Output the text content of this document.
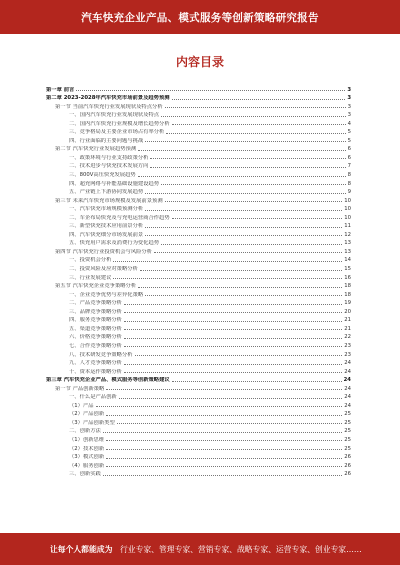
汽车快充企业产品、模式服务等创新策略研究报告
内容目录
第一章 前言	3
第二章 2023-2028年汽车快充市场前景及趋势预测	3
第一节 当前汽车快充行业发展现状及特点分析	3
一、国内汽车快充行业发展现状及特点	3
二、国内汽车快充行业规模及增长趋势分析	4
三、竞争格局及主要企业市场占有率分析	5
四、行业面临的主要问题与挑战	5
第二节 汽车快充行业发展趋势预测	6
一、政策环境与行业支持政策分析	6
二、技术进步与快充技术发展方向	7
三、800V高压快充发展趋势	8
四、超充网络与补能基础设施建设趋势	8
五、产业链上下游协同发展趋势	9
第三节 未来汽车快充市场规模及发展前景预测	10
一、汽车快充市场规模预测分析	10
二、车企布局快充及与充电运营商合作趋势	10
三、新型快充技术应用前景分析	11
四、汽车快充细分市场发展前景	12
五、快充用户需求及消费行为变化趋势	13
第四节 汽车快充行业投资机会与风险分析	13
一、投资机会分析	14
二、投资风险及应对策略分析	15
三、行业发展建议	16
第五节 汽车快充企业竞争策略分析	18
一、企业竞争优势与差异化策略	18
二、产品竞争策略分析	19
三、品牌竞争策略分析	20
四、服务竞争策略分析	21
五、渠道竞争策略分析	21
六、价格竞争策略分析	22
七、合作竞争策略分析	23
八、技术研发竞争策略分析	23
九、人才竞争策略分析	24
十、资本运作策略分析	24
第三章 汽车快充企业产品、模式服务等创新策略建议	24
第一节 产品创新策略	24
一、什么是产品创新	24
（1）产品	24
（2）产品创新	25
（3）产品创新类型	25
二、创新方法	25
（1）创新思维	25
（2）技术创新	25
（3）模式创新	26
（4）服务创新	26
三、创新实践	26
让每个人都能成为 行业专家、管理专家、营销专家、战略专家、运营专家、创业专家……
